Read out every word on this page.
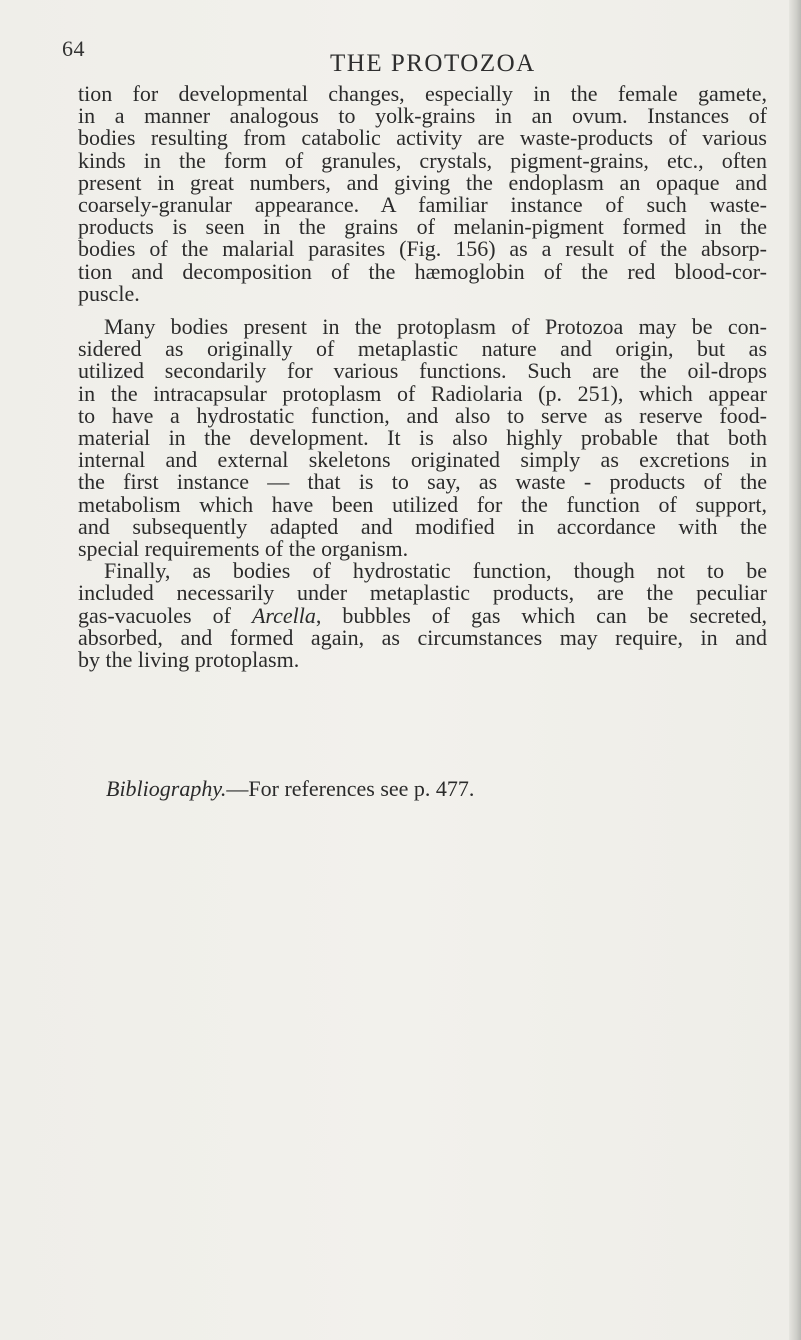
64
THE PROTOZOA

tion for developmental changes, especially in the female gamete,
in a manner analogous to yolk-grains in an ovum. Instances of
bodies resulting from catabolic activity are waste-products of various
kinds in the form of granules, crystals, pigment-grains, etc., often
present in great numbers, and giving the endoplasm an opaque and
coarsely-granular appearance. A familiar instance of such waste-
products is seen in the grains of melanin-pigment formed in the
bodies of the malarial parasites (Fig. 156) as a result of the absorp-
tion and decomposition of the hæmoglobin of the red blood-cor-
puscle.

Many bodies present in the protoplasm of Protozoa may be con-
sidered as originally of metaplastic nature and origin, but as
utilized secondarily for various functions. Such are the oil-drops
in the intracapsular protoplasm of Radiolaria (p. 251), which appear
to have a hydrostatic function, and also to serve as reserve food-
material in the development. It is also highly probable that both
internal and external skeletons originated simply as excretions in
the first instance — that is to say, as waste - products of the
metabolism which have been utilized for the function of support,
and subsequently adapted and modified in accordance with the
special requirements of the organism.

Finally, as bodies of hydrostatic function, though not to be
included necessarily under metaplastic products, are the peculiar
gas-vacuoles of Arcella, bubbles of gas which can be secreted,
absorbed, and formed again, as circumstances may require, in and
by the living protoplasm.

Bibliography.—For references see p. 477.
